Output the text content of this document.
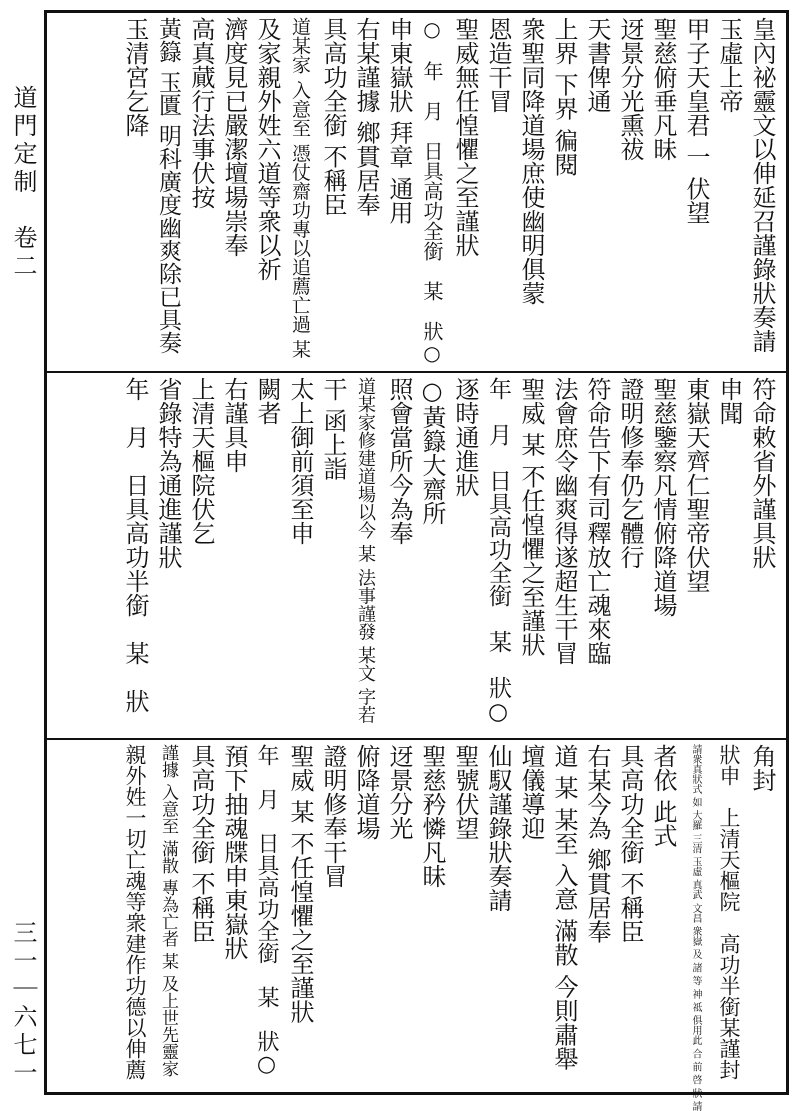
道門定制　卷二
三一｜六七一
皇內祕靈文以伸延召謹錄狀奏請
玉虛上帝
甲子天皇君 一 伏望
聖慈俯垂凡昧
迓景分光熏祓
天書俾通
上界 下界 徧閱
衆聖同降道場庶使幽明俱蒙
恩造干冒
聖威無任惶懼之至謹狀
○　年　月　日具高功全銜　某　狀○
申東嶽狀 拜章 通用
右某謹據 鄉貫居奉
具高功全銜 不稱臣
道某家 入意至 憑仗齋功專以追薦亡過 某
及家親外姓六道等衆以祈
濟度見已嚴潔壇場崇奉
高真蕆行法事伏按
黃籙 玉匱 明科廣度幽爽除已具奏
玉清宮乞降
符命敕省外謹具狀
申聞
東嶽天齊仁聖帝伏望
聖慈鑒察凡情俯降道場
證明修奉仍乞體行
符命告下有司釋放亡魂來臨
法會庶令幽爽得遂超生干冒
聖威 某 不任惶懼之至謹狀
年　月　日具高功全銜　某　狀○
逐時通進狀
○黃籙大齋所
照會當所今為奉
道某家修建道場以今 某 法事謹發 某文 字若
干 函上詣
太上御前須至申
闕者
右謹具申
上清天樞院伏乞
省錄特為通進謹狀
年　月　日具高功半銜　某　狀
角封
狀申　上清天樞院　高功半銜某謹封
請衆真狀式 如 大羅 三清 玉虛 真武 文昌 衆嶽 及 諸 等 神 祗 俱用此 合 前 啓 狀 請
者依 此式
具高功全銜 不稱臣
右某今為 鄉貫居奉
道 某 某至 入意 滿散 今則肅舉
壇儀導迎
仙馭謹錄狀奏請
聖號伏望
聖慈矜憐凡昧
迓景分光
俯降道場
證明修奉干冒
聖威 某 不任惶懼之至謹狀
年　月　日具高功全銜　某　狀○
預下抽魂牒申東嶽狀
具高功全銜 不稱臣
謹據 入意至 滿散 專為亡者 某 及上世先靈家
親外姓一切亡魂等衆建作功德以伸薦
